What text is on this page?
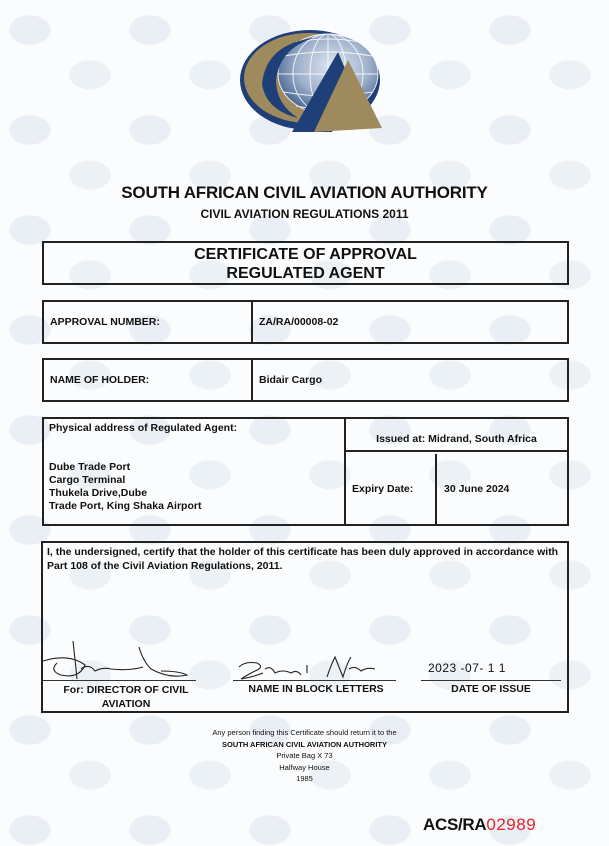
SOUTH AFRICAN CIVIL AVIATION AUTHORITY
CIVIL AVIATION REGULATIONS 2011
CERTIFICATE OF APPROVAL
REGULATED AGENT
APPROVAL NUMBER:	ZA/RA/00008-02
NAME OF HOLDER:	Bidair Cargo
Physical address of Regulated Agent:
Dube Trade Port
Cargo Terminal
Thukela Drive,Dube
Trade Port, King Shaka Airport
Issued at: Midrand, South Africa
Expiry Date:	30 June 2024
I, the undersigned, certify that the holder of this certificate has been duly approved in accordance with Part 108 of the Civil Aviation Regulations, 2011.
For: DIRECTOR OF CIVIL
AVIATION
NAME IN BLOCK LETTERS
2023 -07- 1 1
DATE OF ISSUE
Any person finding this Certificate should return it to the
SOUTH AFRICAN CIVIL AVIATION AUTHORITY
Private Bag X 73
Halfway House
1985
ACS/RA02989
